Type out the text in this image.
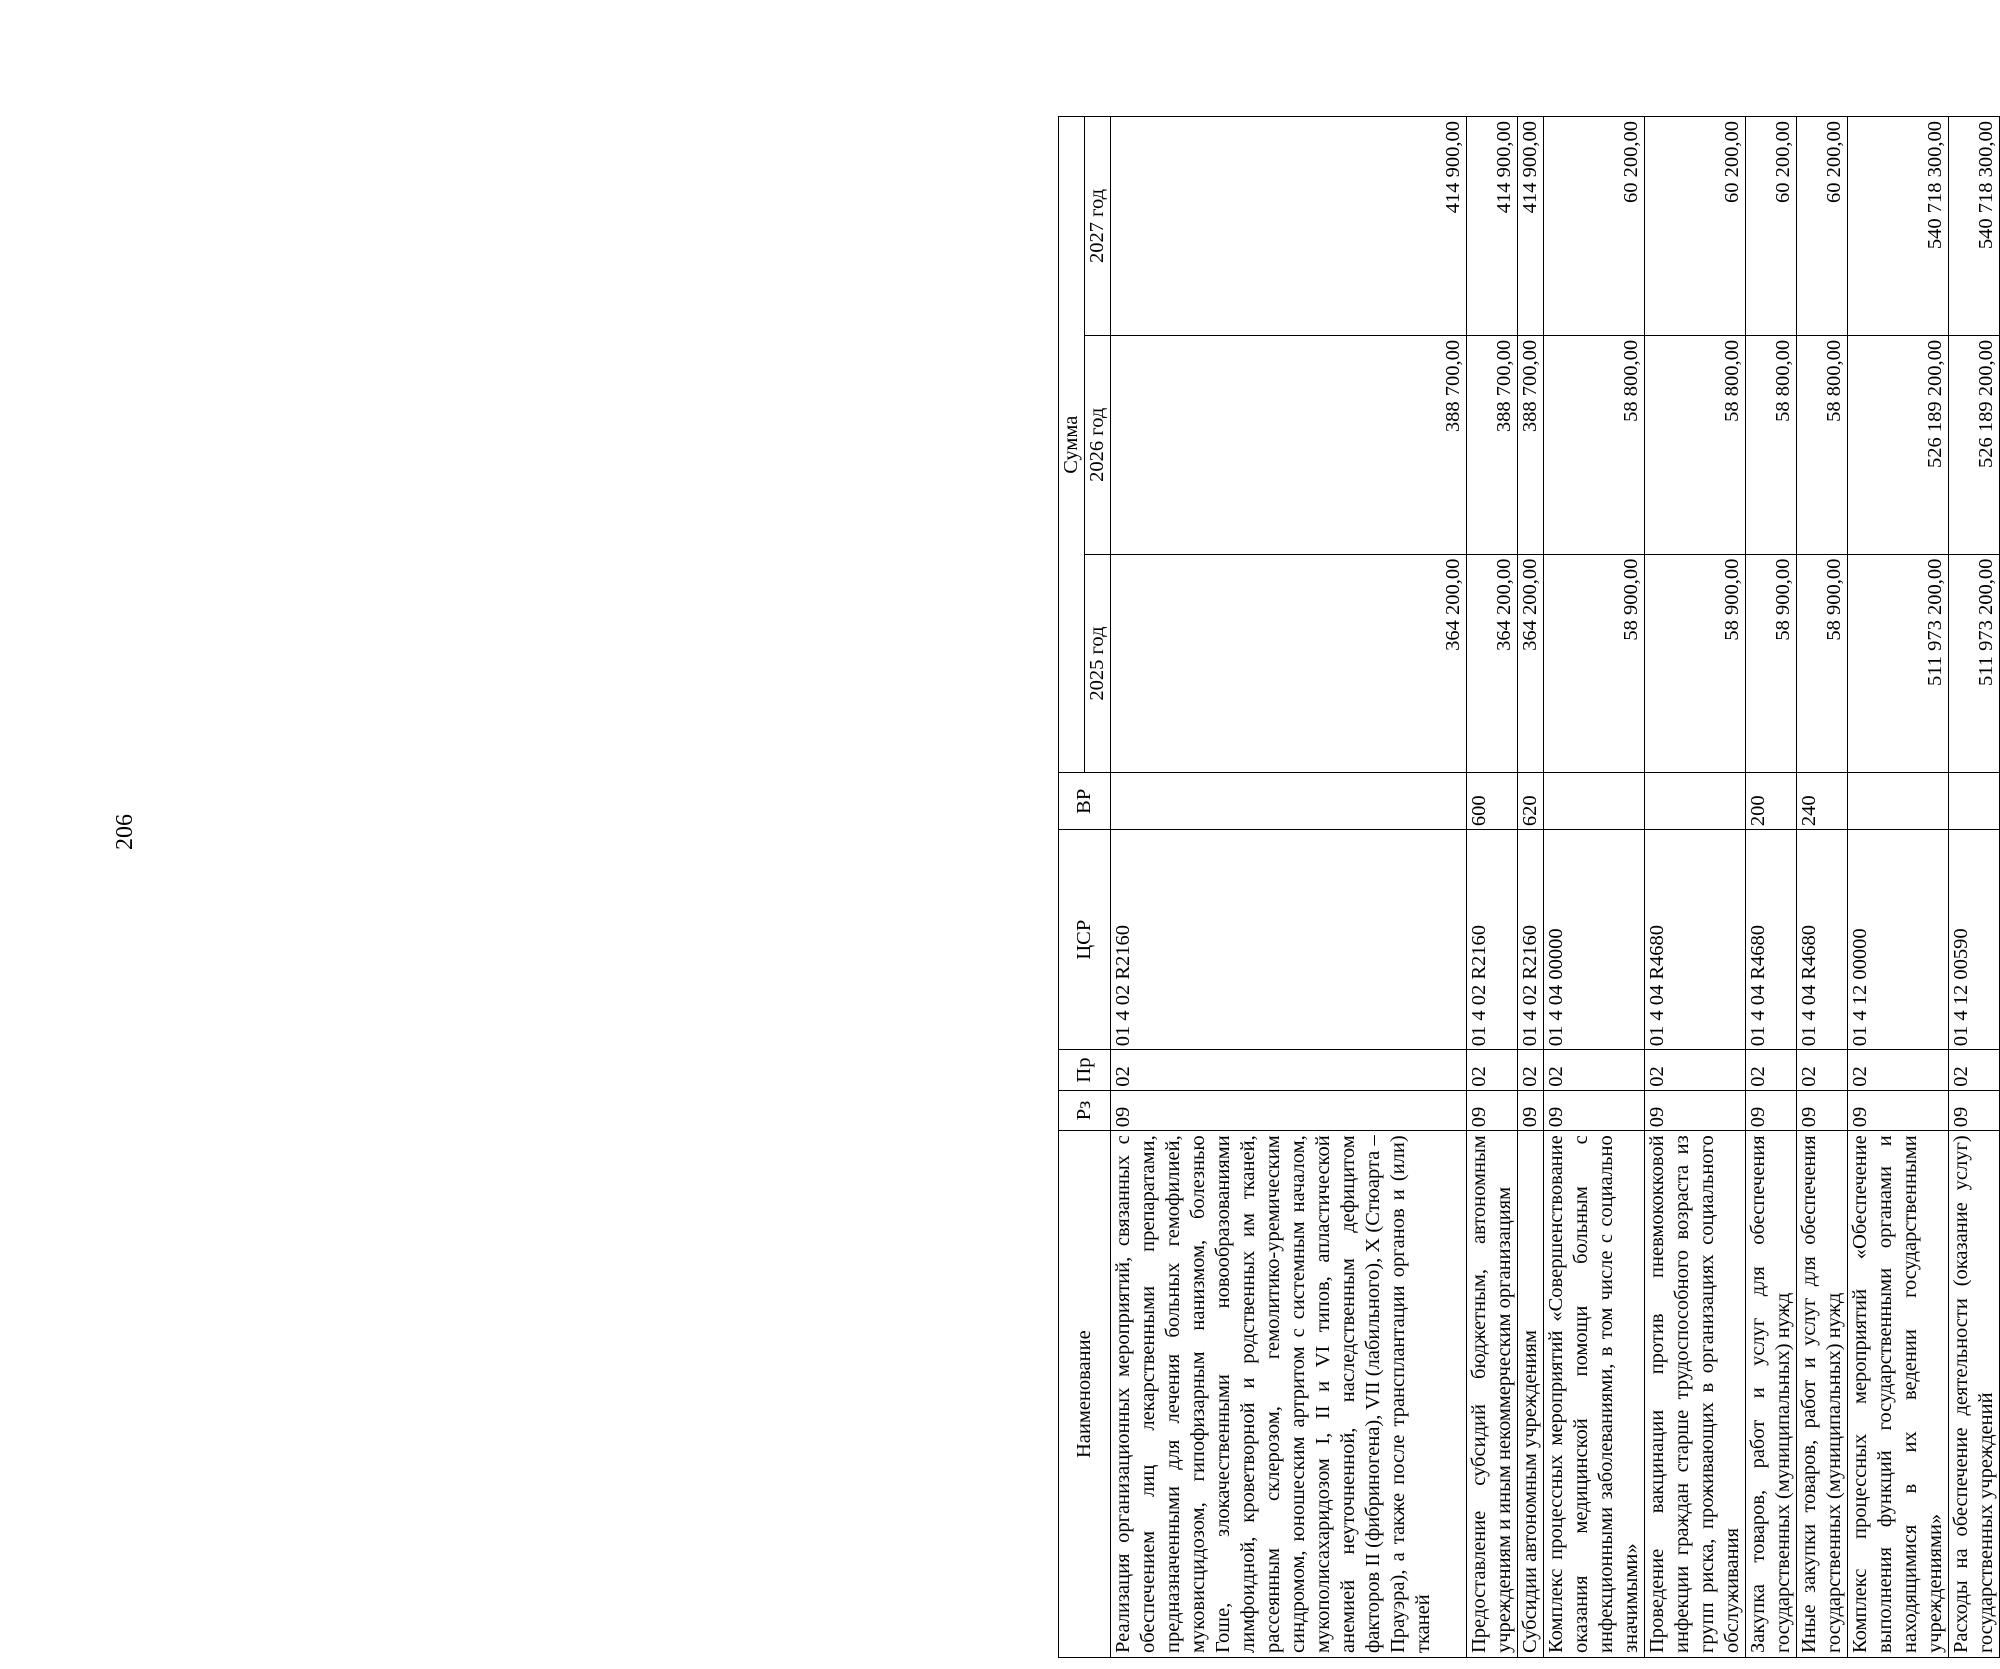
206
Наименование	Рз	Пр	ЦСР	ВР	Сумма		
					2025 год	2026 год	2027 год
Реализация организационных мероприятий, связанных с обеспечением лиц лекарственными препаратами, предназначенными для лечения больных гемофилией, муковисцидозом, гипофизарным нанизмом, болезнью Гоше, злокачественными новообразованиями лимфоидной, кроветворной и родственных им тканей, рассеянным склерозом, гемолитико-уремическим синдромом, юношеским артритом с системным началом, мукополисахаридозом I, II и VI типов, апластической анемией неуточненной, наследственным дефицитом факторов II (фибриногена), VII (лабильного), X (Стюарта – Прауэра), а также после трансплантации органов и (или) тканей	09	02	01 4 02 R2160		364 200,00	388 700,00	414 900,00
Предоставление субсидий бюджетным, автономным учреждениям и иным некоммерческим организациям	09	02	01 4 02 R2160	600	364 200,00	388 700,00	414 900,00
Субсидии автономным учреждениям	09	02	01 4 02 R2160	620	364 200,00	388 700,00	414 900,00
Комплекс процессных мероприятий «Совершенствование оказания медицинской помощи больным с инфекционными заболеваниями, в том числе с социально значимыми»	09	02	01 4 04 00000		58 900,00	58 800,00	60 200,00
Проведение вакцинации против пневмококковой инфекции граждан старше трудоспособного возраста из групп риска, проживающих в организациях социального обслуживания	09	02	01 4 04 R4680		58 900,00	58 800,00	60 200,00
Закупка товаров, работ и услуг для обеспечения государственных (муниципальных) нужд	09	02	01 4 04 R4680	200	58 900,00	58 800,00	60 200,00
Иные закупки товаров, работ и услуг для обеспечения государственных (муниципальных) нужд	09	02	01 4 04 R4680	240	58 900,00	58 800,00	60 200,00
Комплекс процессных мероприятий «Обеспечение выполнения функций государственными органами и находящимися в их ведении государственными учреждениями»	09	02	01 4 12 00000		511 973 200,00	526 189 200,00	540 718 300,00
Расходы на обеспечение деятельности (оказание услуг) государственных учреждений	09	02	01 4 12 00590		511 973 200,00	526 189 200,00	540 718 300,00
